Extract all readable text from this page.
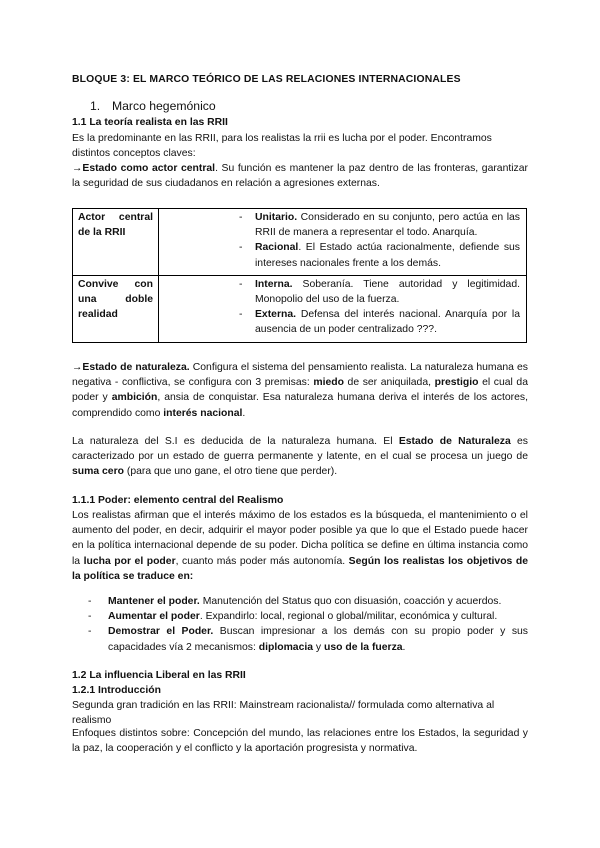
BLOQUE 3: EL MARCO TEÓRICO DE LAS RELACIONES INTERNACIONALES
1. Marco hegemónico
1.1 La teoría realista en las RRII
Es la predominante en las RRII, para los realistas la rrii es lucha por el poder. Encontramos distintos conceptos claves:
→Estado como actor central. Su función es mantener la paz dentro de las fronteras, garantizar la seguridad de sus ciudadanos en relación a agresiones externas.
Actor central de la RRII	- Unitario. Considerado en su conjunto, pero actúa en las RRII de manera a representar el todo. Anarquía.
- Racional. El Estado actúa racionalmente, defiende sus intereses nacionales frente a los demás.

Convive con una doble realidad	- Interna. Soberanía. Tiene autoridad y legitimidad. Monopolio del uso de la fuerza.
- Externa. Defensa del interés nacional. Anarquía por la ausencia de un poder centralizado ???.
→Estado de naturaleza. Configura el sistema del pensamiento realista. La naturaleza humana es negativa - conflictiva, se configura con 3 premisas: miedo de ser aniquilada, prestigio el cual da poder y ambición, ansia de conquistar. Esa naturaleza humana deriva el interés de los actores, comprendido como interés nacional.
La naturaleza del S.I es deducida de la naturaleza humana. El Estado de Naturaleza es caracterizado por un estado de guerra permanente y latente, en el cual se procesa un juego de suma cero (para que uno gane, el otro tiene que perder).
1.1.1 Poder: elemento central del Realismo
Los realistas afirman que el interés máximo de los estados es la búsqueda, el mantenimiento o el aumento del poder, en decir, adquirir el mayor poder posible ya que lo que el Estado puede hacer en la política internacional depende de su poder. Dicha política se define en última instancia como la lucha por el poder, cuanto más poder más autonomía. Según los realistas los objetivos de la política se traduce en:
-	Mantener el poder. Manutención del Status quo con disuasión, coacción y acuerdos.
-	Aumentar el poder. Expandirlo: local, regional o global/militar, económica y cultural.
-	Demostrar el Poder. Buscan impresionar a los demás con su propio poder y sus capacidades vía 2 mecanismos: diplomacia y uso de la fuerza.
1.2 La influencia Liberal en las RRII
1.2.1 Introducción
Segunda gran tradición en las RRII: Mainstream racionalista// formulada como alternativa al realismo
Enfoques distintos sobre: Concepción del mundo, las relaciones entre los Estados, la seguridad y la paz, la cooperación y el conflicto y la aportación progresista y normativa.
